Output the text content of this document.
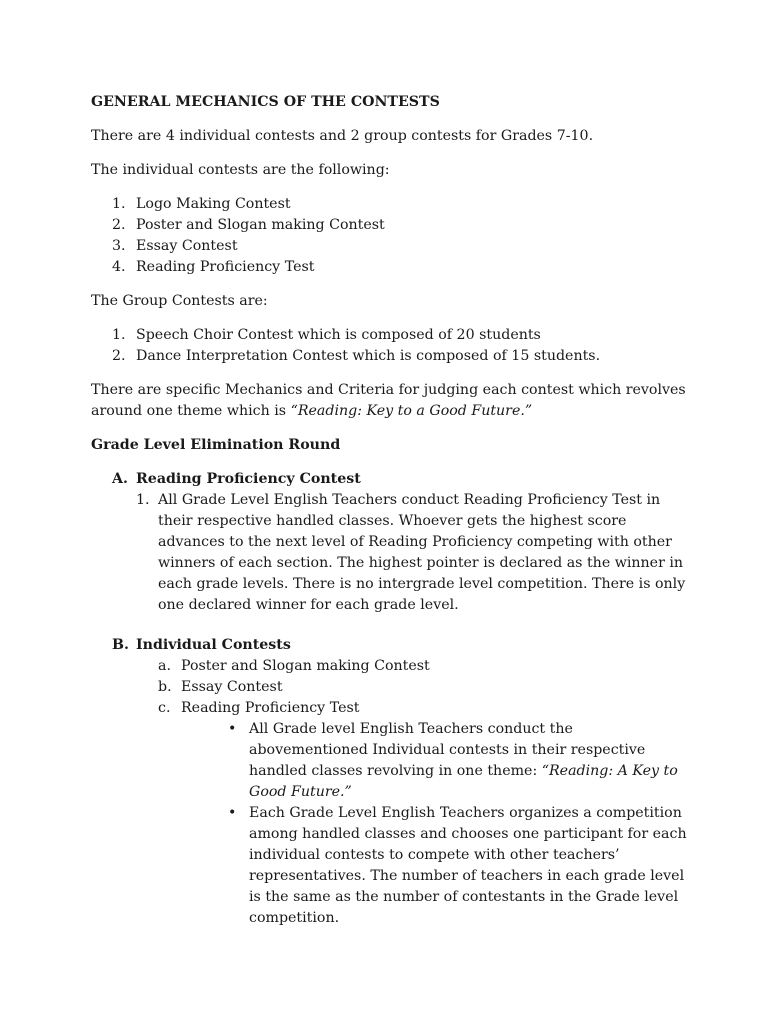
GENERAL MECHANICS OF THE CONTESTS

There are 4 individual contests and 2 group contests for Grades 7-10.

The individual contests are the following:

1. Logo Making Contest
2. Poster and Slogan making Contest
3. Essay Contest
4. Reading Proficiency Test

The Group Contests are:

1. Speech Choir Contest which is composed of 20 students
2. Dance Interpretation Contest which is composed of 15 students.

There are specific Mechanics and Criteria for judging each contest which revolves around one theme which is “Reading: Key to a Good Future.”

Grade Level Elimination Round
A. Reading Proficiency Contest
1. All Grade Level English Teachers conduct Reading Proficiency Test in their respective handled classes. Whoever gets the highest score advances to the next level of Reading Proficiency competing with other winners of each section. The highest pointer is declared as the winner in each grade levels. There is no intergrade level competition. There is only one declared winner for each grade level.
B. Individual Contests
a. Poster and Slogan making Contest
b. Essay Contest
c. Reading Proficiency Test
• All Grade level English Teachers conduct the abovementioned Individual contests in their respective handled classes revolving in one theme: “Reading: A Key to Good Future.”
• Each Grade Level English Teachers organizes a competition among handled classes and chooses one participant for each individual contests to compete with other teachers’ representatives. The number of teachers in each grade level is the same as the number of contestants in the Grade level competition.
